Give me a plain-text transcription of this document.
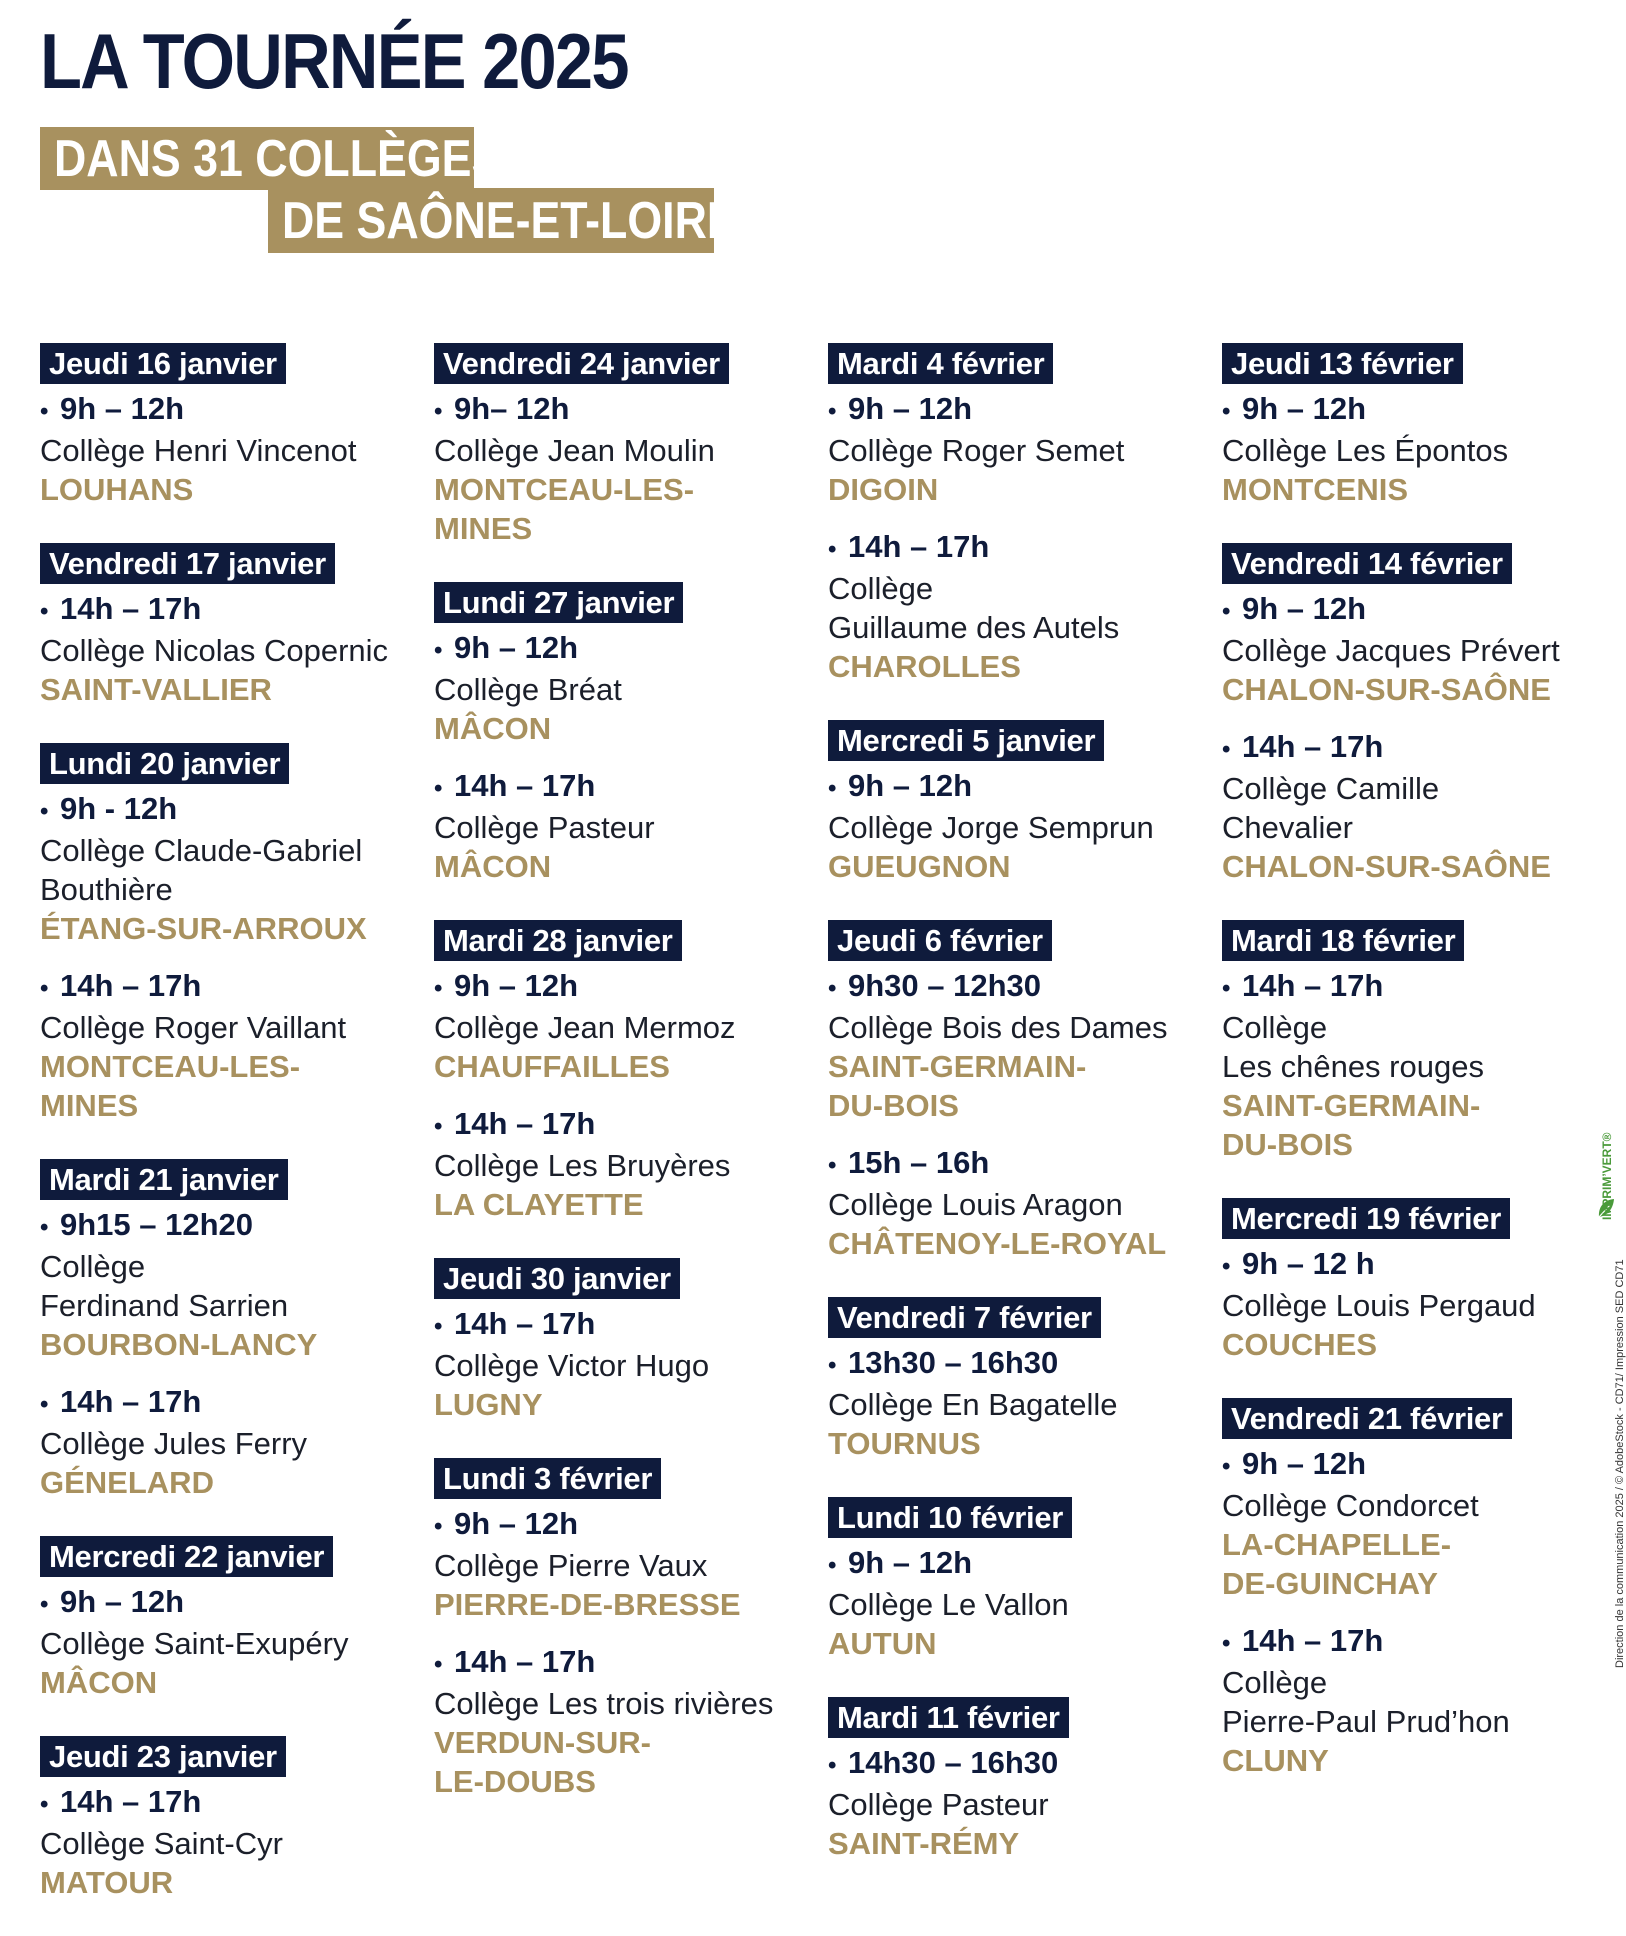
LA TOURNÉE 2025
DANS 31 COLLÈGES
DE SAÔNE-ET-LOIRE
Jeudi 16 janvier
• 9h – 12h
Collège Henri Vincenot
LOUHANS
Vendredi 17 janvier
• 14h – 17h
Collège Nicolas Copernic
SAINT-VALLIER
Lundi 20 janvier
• 9h - 12h
Collège Claude-Gabriel
Bouthière
ÉTANG-SUR-ARROUX
• 14h – 17h
Collège Roger Vaillant
MONTCEAU-LES-
MINES
Mardi 21 janvier
• 9h15 – 12h20
Collège
Ferdinand Sarrien
BOURBON-LANCY
• 14h – 17h
Collège Jules Ferry
GÉNELARD
Mercredi 22 janvier
• 9h – 12h
Collège Saint-Exupéry
MÂCON
Jeudi 23 janvier
• 14h – 17h
Collège Saint-Cyr
MATOUR
Vendredi 24 janvier
• 9h– 12h
Collège Jean Moulin
MONTCEAU-LES-
MINES
Lundi 27 janvier
• 9h – 12h
Collège Bréat
MÂCON
• 14h – 17h
Collège Pasteur
MÂCON
Mardi 28 janvier
• 9h – 12h
Collège Jean Mermoz
CHAUFFAILLES
• 14h – 17h
Collège Les Bruyères
LA CLAYETTE
Jeudi 30 janvier
• 14h – 17h
Collège Victor Hugo
LUGNY
Lundi 3 février
• 9h – 12h
Collège Pierre Vaux
PIERRE-DE-BRESSE
• 14h – 17h
Collège Les trois rivières
VERDUN-SUR-
LE-DOUBS
Mardi 4 février
• 9h – 12h
Collège Roger Semet
DIGOIN
• 14h – 17h
Collège
Guillaume des Autels
CHAROLLES
Mercredi 5 janvier
• 9h – 12h
Collège Jorge Semprun
GUEUGNON
Jeudi 6 février
• 9h30 – 12h30
Collège Bois des Dames
SAINT-GERMAIN-
DU-BOIS
• 15h – 16h
Collège Louis Aragon
CHÂTENOY-LE-ROYAL
Vendredi 7 février
• 13h30 – 16h30
Collège En Bagatelle
TOURNUS
Lundi 10 février
• 9h – 12h
Collège Le Vallon
AUTUN
Mardi 11 février
• 14h30 – 16h30
Collège Pasteur
SAINT-RÉMY
Jeudi 13 février
• 9h – 12h
Collège Les Épontos
MONTCENIS
Vendredi 14 février
• 9h – 12h
Collège Jacques Prévert
CHALON-SUR-SAÔNE
• 14h – 17h
Collège Camille
Chevalier
CHALON-SUR-SAÔNE
Mardi 18 février
• 14h – 17h
Collège
Les chênes rouges
SAINT-GERMAIN-
DU-BOIS
Mercredi 19 février
• 9h – 12 h
Collège Louis Pergaud
COUCHES
Vendredi 21 février
• 9h – 12h
Collège Condorcet
LA-CHAPELLE-
DE-GUINCHAY
• 14h – 17h
Collège
Pierre-Paul Prud’hon
CLUNY
IMPRIM’VERT®
Direction de la communication 2025 / © AdobeStock - CD71/ Impression SED CD71
